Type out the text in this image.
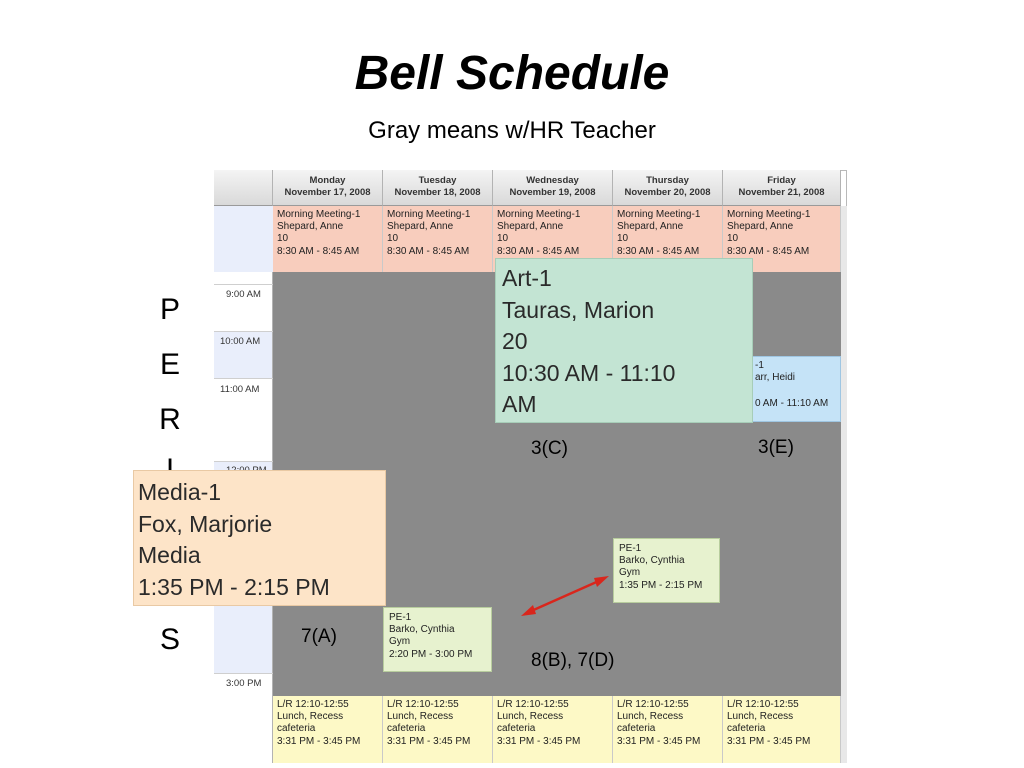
Bell Schedule
Gray means w/HR Teacher
Monday
November 17, 2008
Tuesday
November 18, 2008
Wednesday
November 19, 2008
Thursday
November 20, 2008
Friday
November 21, 2008
9:00 AM
10:00 AM
11:00 AM
3:00 PM
Morning Meeting-1
Shepard, Anne
10
8:30 AM - 8:45 AM
Morning Meeting-1
Shepard, Anne
10
8:30 AM - 8:45 AM
Morning Meeting-1
Shepard, Anne
10
8:30 AM - 8:45 AM
Morning Meeting-1
Shepard, Anne
10
8:30 AM - 8:45 AM
Morning Meeting-1
Shepard, Anne
10
8:30 AM - 8:45 AM
-1
arr, Heidi
0 AM - 11:10 AM
PE-1
Barko, Cynthia
Gym
1:35 PM - 2:15 PM
PE-1
Barko, Cynthia
Gym
2:20 PM - 3:00 PM
L/R 12:10-12:55
Lunch, Recess
cafeteria
3:31 PM - 3:45 PM
L/R 12:10-12:55
Lunch, Recess
cafeteria
3:31 PM - 3:45 PM
L/R 12:10-12:55
Lunch, Recess
cafeteria
3:31 PM - 3:45 PM
L/R 12:10-12:55
Lunch, Recess
cafeteria
3:31 PM - 3:45 PM
L/R 12:10-12:55
Lunch, Recess
cafeteria
3:31 PM - 3:45 PM
Art-1
Tauras, Marion
20
10:30 AM - 11:10
AM
P
E
R
S
Media-1
Fox, Marjorie
Media
1:35 PM - 2:15 PM
3(C)	3(E)
7(A)
8(B), 7(D)
